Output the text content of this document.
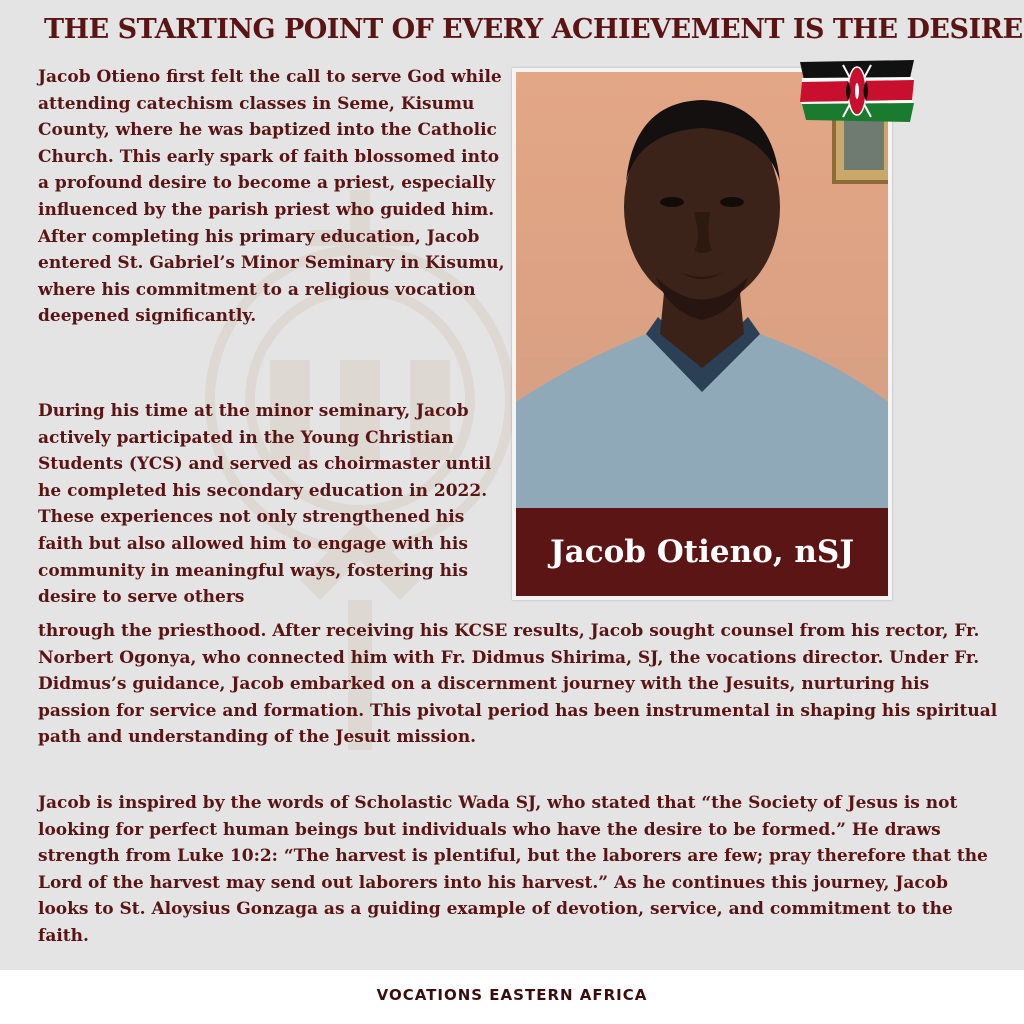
THE STARTING POINT OF EVERY ACHIEVEMENT IS THE DESIRE

Jacob Otieno first felt the call to serve God while attending catechism classes in Seme, Kisumu County, where he was baptized into the Catholic Church. This early spark of faith blossomed into a profound desire to become a priest, especially influenced by the parish priest who guided him. After completing his primary education, Jacob entered St. Gabriel’s Minor Seminary in Kisumu, where his commitment to a religious vocation deepened significantly.

During his time at the minor seminary, Jacob actively participated in the Young Christian Students (YCS) and served as choirmaster until he completed his secondary education in 2022. These experiences not only strengthened his faith but also allowed him to engage with his community in meaningful ways, fostering his desire to serve others

through the priesthood. After receiving his KCSE results, Jacob sought counsel from his rector, Fr. Norbert Ogonya, who connected him with Fr. Didmus Shirima, SJ, the vocations director. Under Fr. Didmus’s guidance, Jacob embarked on a discernment journey with the Jesuits, nurturing his passion for service and formation. This pivotal period has been instrumental in shaping his spiritual path and understanding of the Jesuit mission.

Jacob is inspired by the words of Scholastic Wada SJ, who stated that “the Society of Jesus is not looking for perfect human beings but individuals who have the desire to be formed.” He draws strength from Luke 10:2: “The harvest is plentiful, but the laborers are few; pray therefore that the Lord of the harvest may send out laborers into his harvest.” As he continues this journey, Jacob looks to St. Aloysius Gonzaga as a guiding example of devotion, service, and commitment to the faith.

Jacob Otieno, nSJ
VOCATIONS EASTERN AFRICA
